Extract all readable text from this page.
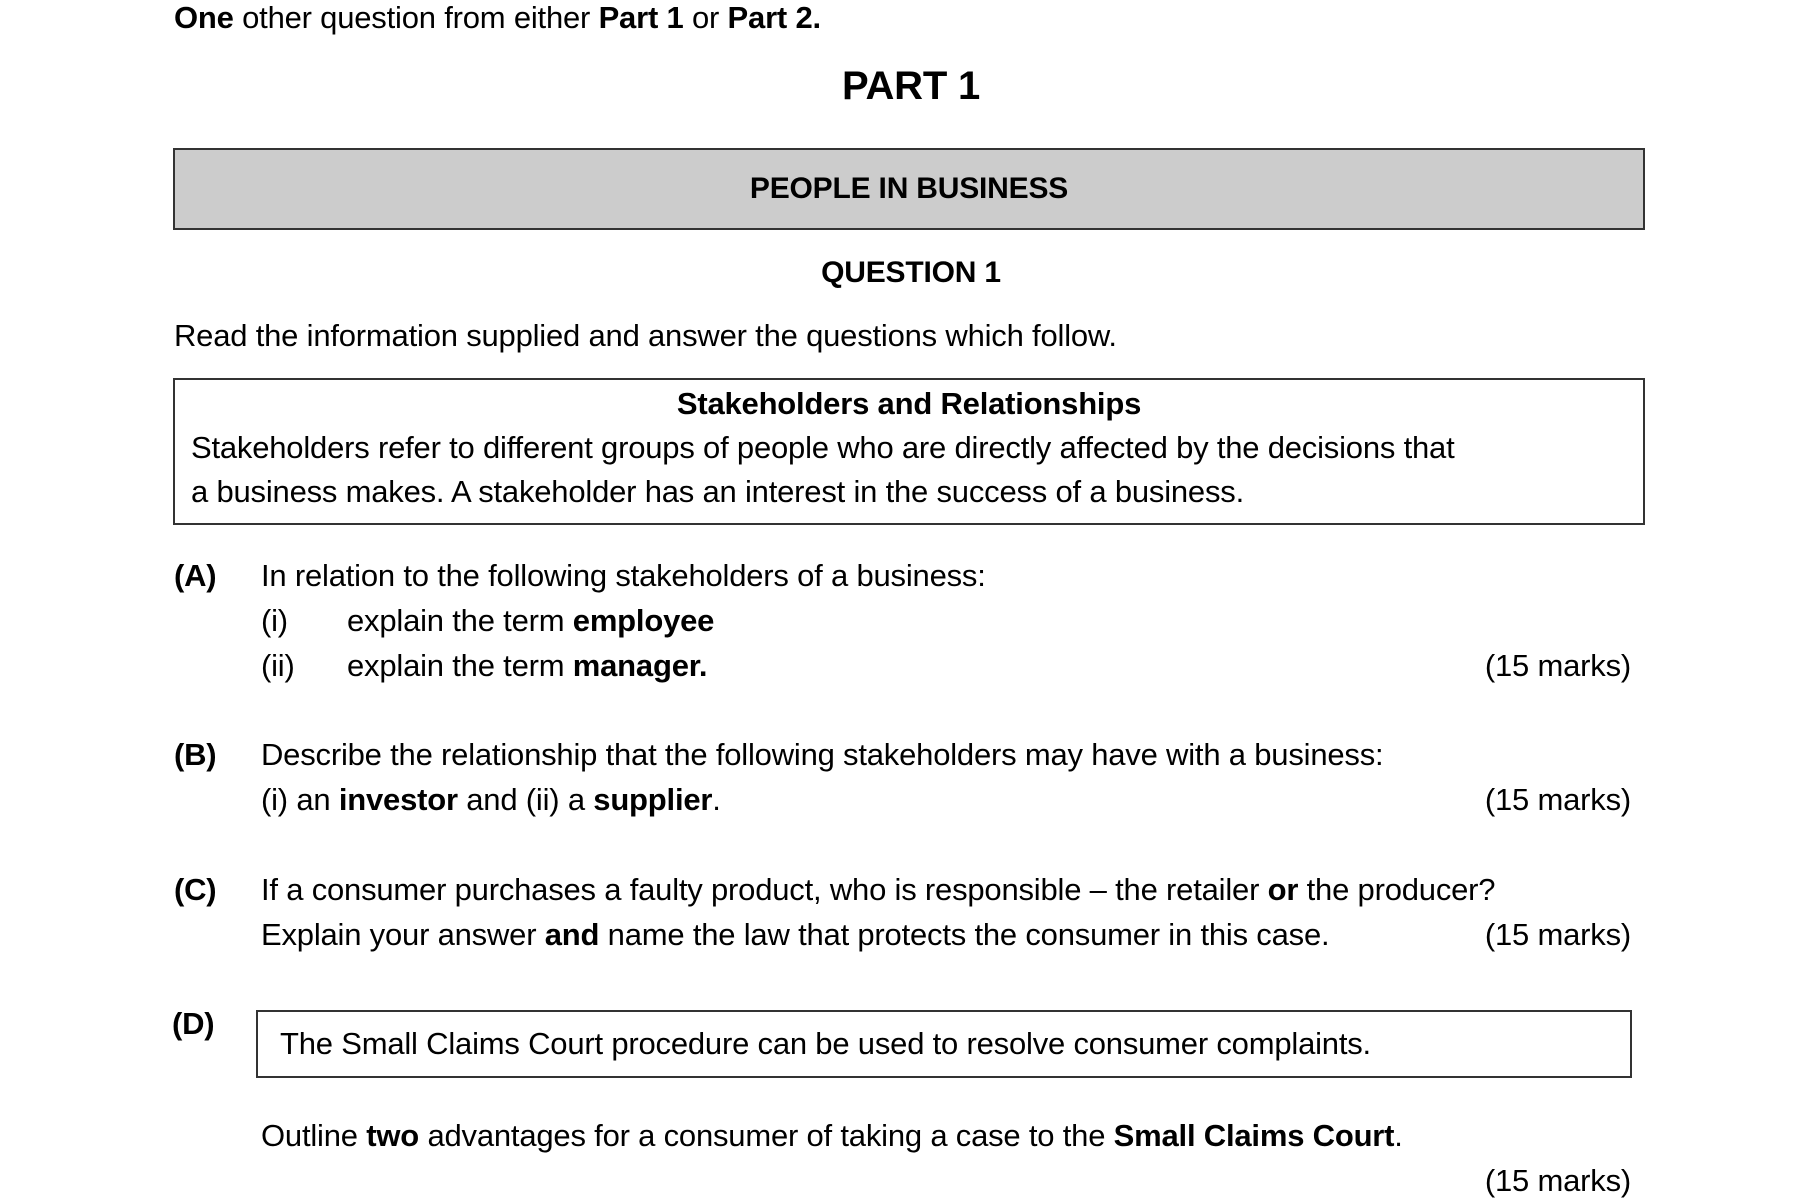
One other question from either Part 1 or Part 2.
PART 1
PEOPLE IN BUSINESS
QUESTION 1
Read the information supplied and answer the questions which follow.
Stakeholders and Relationships
Stakeholders refer to different groups of people who are directly affected by the decisions that
a business makes. A stakeholder has an interest in the success of a business.
(A) In relation to the following stakeholders of a business:
(i) explain the term employee
(ii) explain the term manager.	(15 marks)
(B) Describe the relationship that the following stakeholders may have with a business:
(i) an investor and (ii) a supplier.	(15 marks)
(C) If a consumer purchases a faulty product, who is responsible – the retailer or the producer?
Explain your answer and name the law that protects the consumer in this case.	(15 marks)
(D)
The Small Claims Court procedure can be used to resolve consumer complaints.
Outline two advantages for a consumer of taking a case to the Small Claims Court.
(15 marks)
